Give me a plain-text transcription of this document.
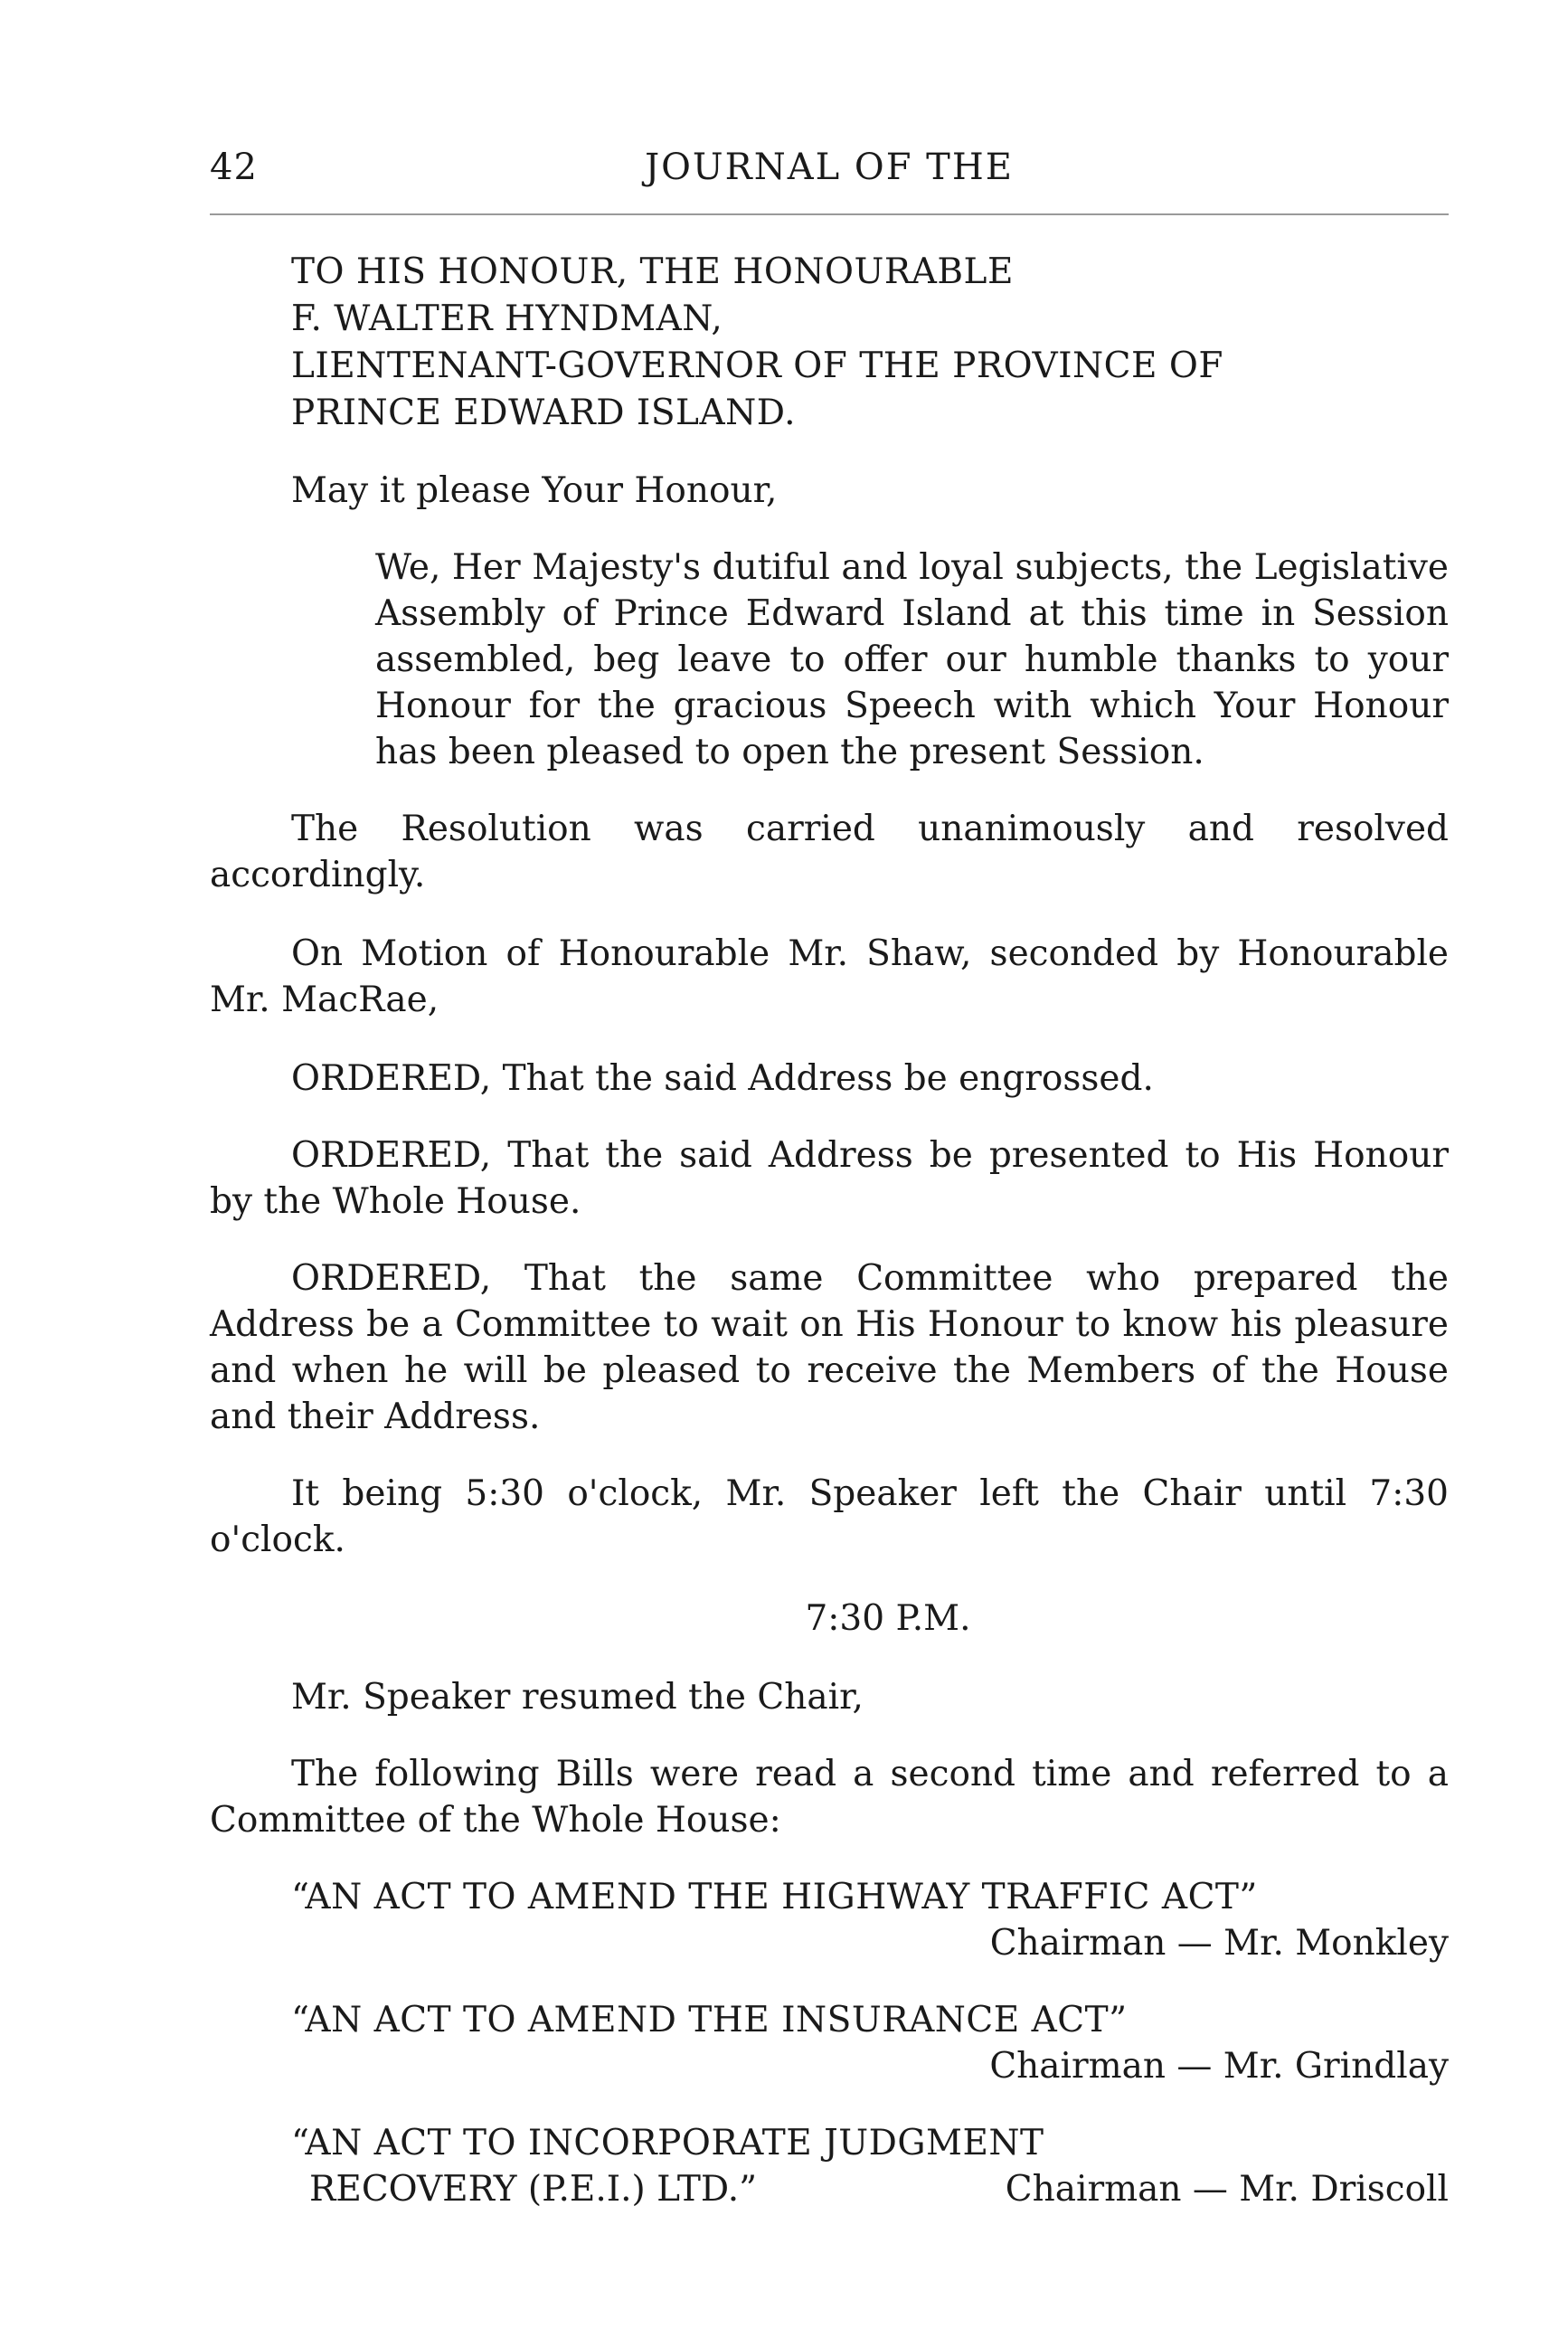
42	JOURNAL OF THE
TO HIS HONOUR, THE HONOURABLE
F. WALTER HYNDMAN,
LIENTENANT-GOVERNOR OF THE PROVINCE OF
PRINCE EDWARD ISLAND.

May it please Your Honour,

We, Her Majesty's dutiful and loyal subjects, the Legislative Assembly of Prince Edward Island at this time in Session assembled, beg leave to offer our humble thanks to your Honour for the gracious Speech with which Your Honour has been pleased to open the present Session.

The Resolution was carried unanimously and resolved accordingly.

On Motion of Honourable Mr. Shaw, seconded by Honourable Mr. MacRae,

ORDERED, That the said Address be engrossed.

ORDERED, That the said Address be presented to His Honour by the Whole House.

ORDERED, That the same Committee who prepared the Address be a Committee to wait on His Honour to know his pleasure and when he will be pleased to receive the Members of the House and their Address.

It being 5:30 o'clock, Mr. Speaker left the Chair until 7:30 o'clock.

7:30 P.M.

Mr. Speaker resumed the Chair,

The following Bills were read a second time and referred to a Committee of the Whole House:

“AN ACT TO AMEND THE HIGHWAY TRAFFIC ACT”

Chairman — Mr. Monkley

“AN ACT TO AMEND THE INSURANCE ACT”

Chairman — Mr. Grindlay

“AN ACT TO INCORPORATE JUDGMENT

RECOVERY (P.E.I.) LTD.”	Chairman — Mr. Driscoll
